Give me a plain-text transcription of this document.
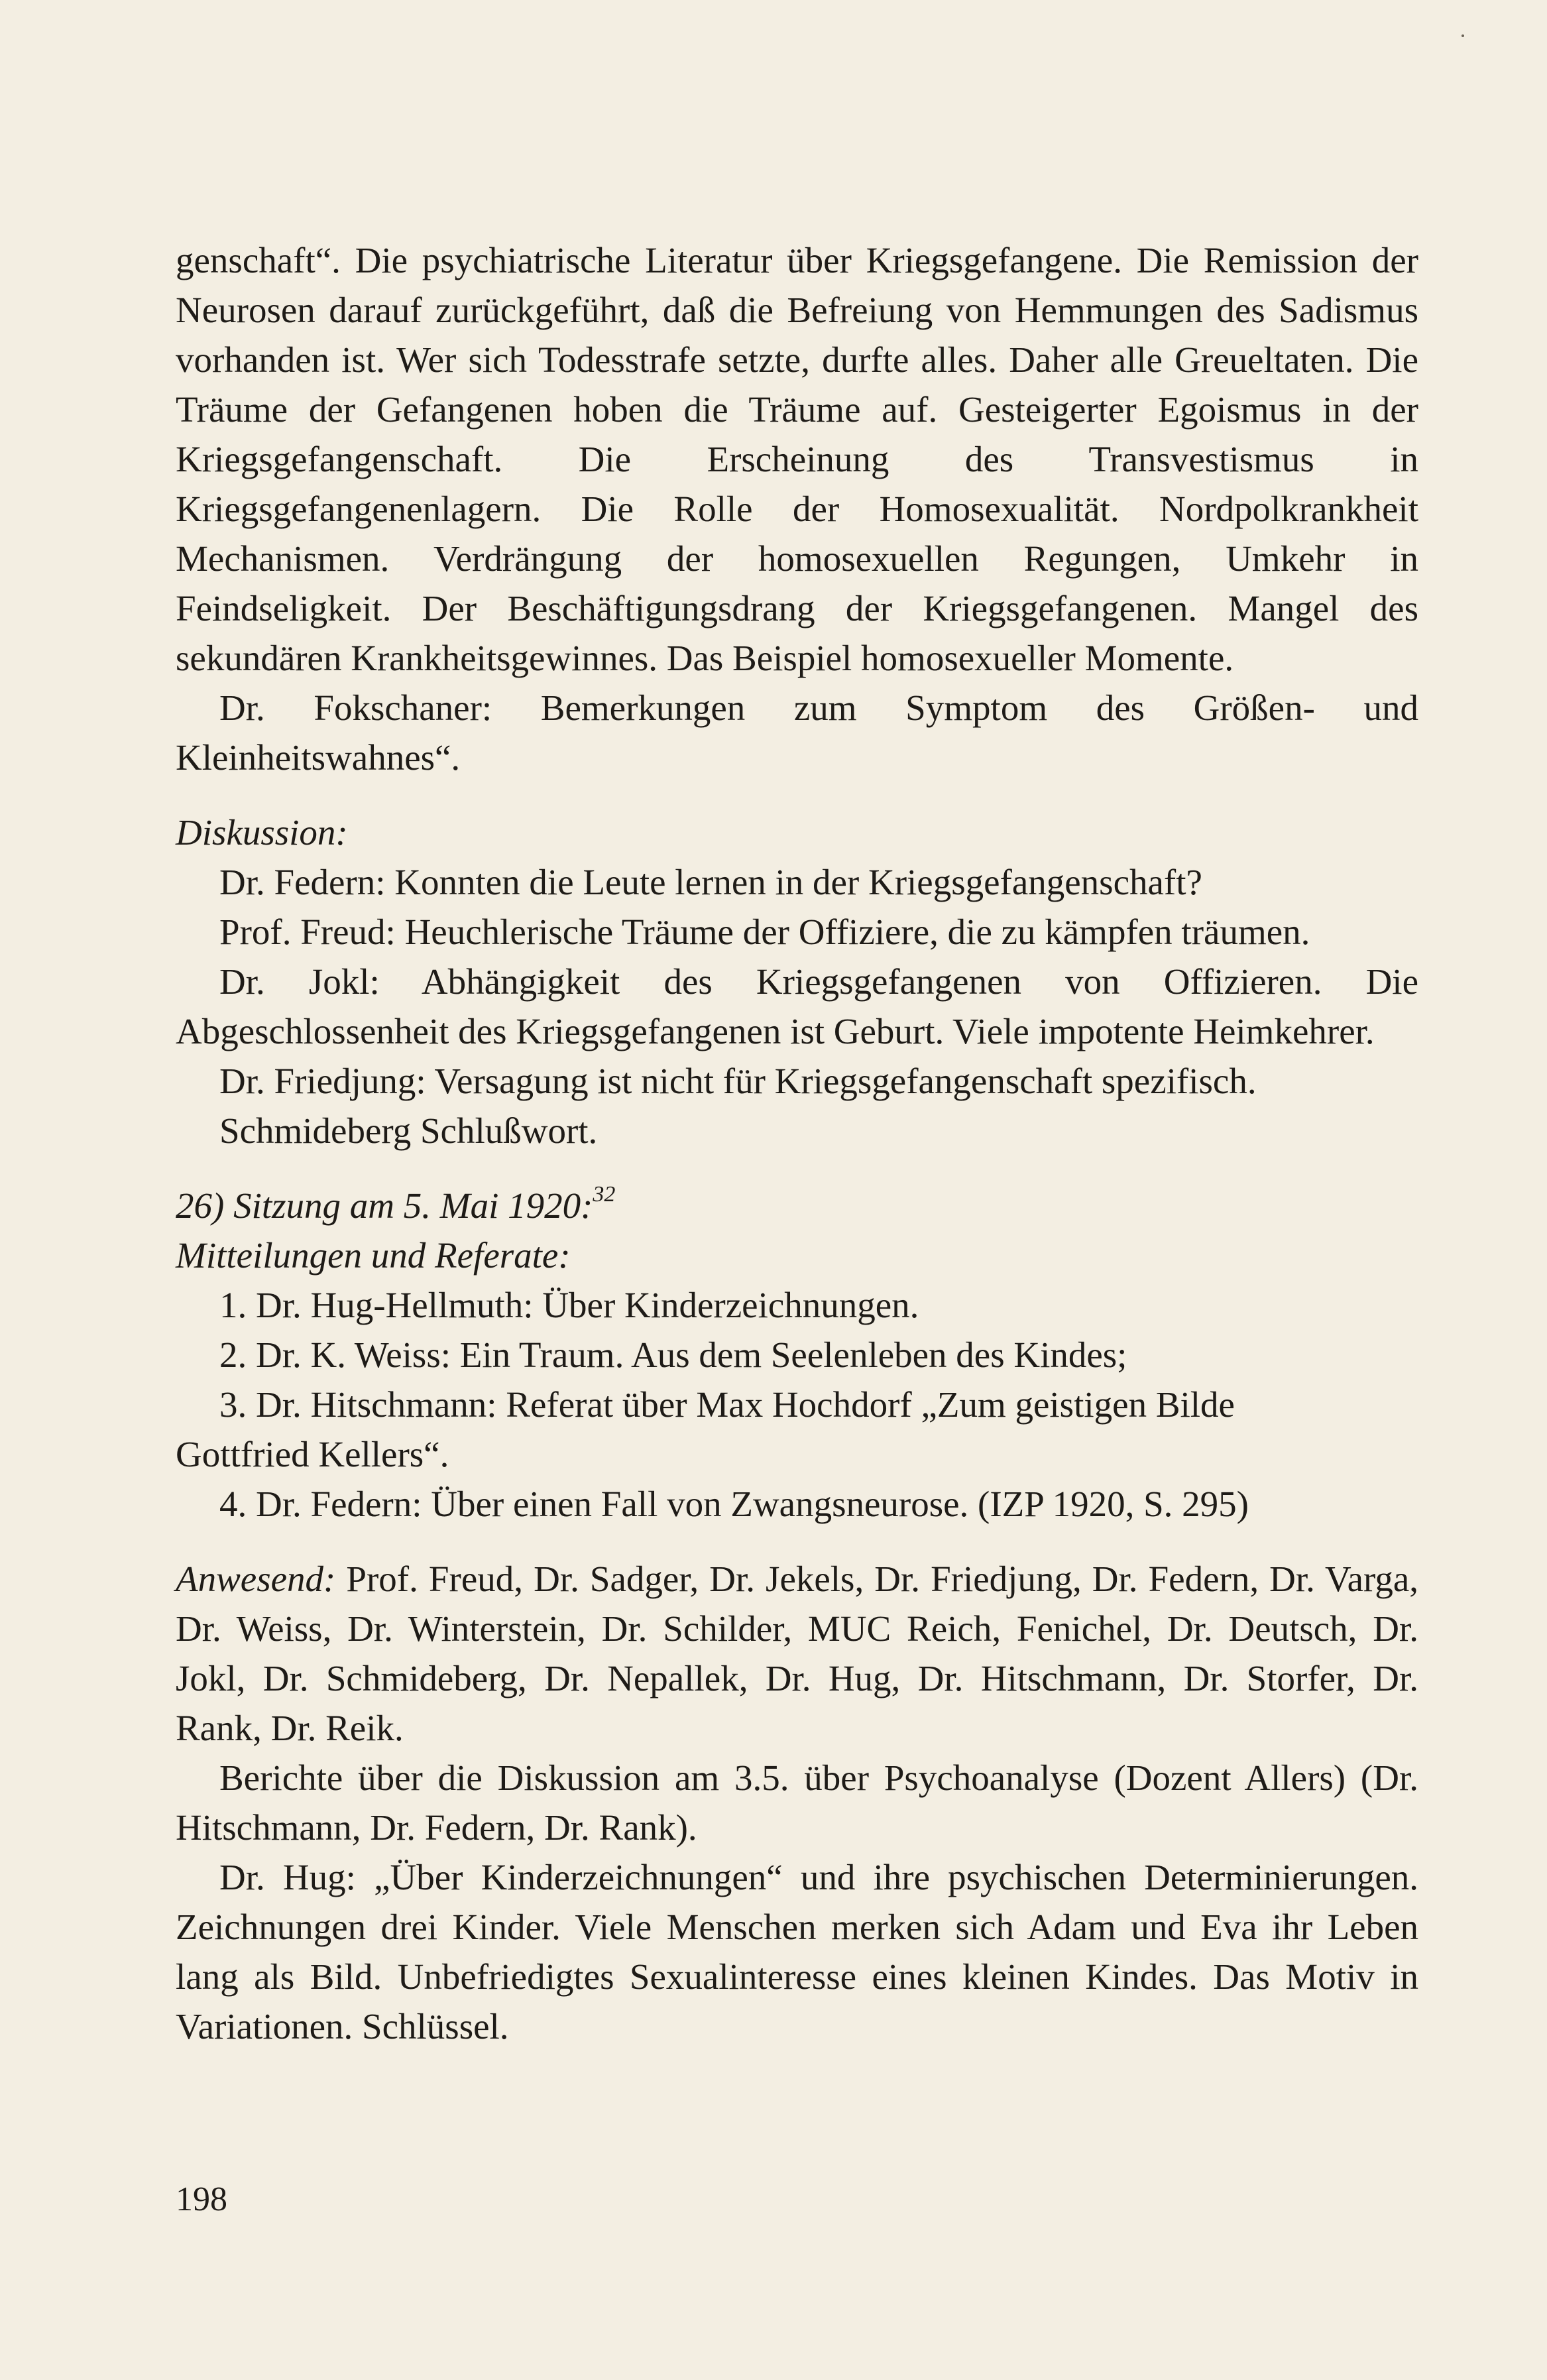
genschaft“. Die psychiatrische Literatur über Kriegsgefangene. Die Remission der Neurosen darauf zurückgeführt, daß die Befreiung von Hemmungen des Sadismus vorhanden ist. Wer sich Todesstrafe setzte, durfte alles. Daher alle Greueltaten. Die Träume der Gefangenen hoben die Träume auf. Gesteigerter Egoismus in der Kriegsgefangenschaft. Die Erscheinung des Transvestismus in Kriegsgefangenenlagern. Die Rolle der Homosexualität. Nordpolkrankheit Mechanismen. Verdrängung der homosexuellen Regungen, Umkehr in Feindseligkeit. Der Beschäftigungsdrang der Kriegsgefangenen. Mangel des sekundären Krankheitsgewinnes. Das Beispiel homosexueller Momente.

Dr. Fokschaner: Bemerkungen zum Symptom des Größen- und Kleinheitswahnes“.

Diskussion:

Dr. Federn: Konnten die Leute lernen in der Kriegsgefangenschaft?

Prof. Freud: Heuchlerische Träume der Offiziere, die zu kämpfen träumen.

Dr. Jokl: Abhängigkeit des Kriegsgefangenen von Offizieren. Die Abgeschlossenheit des Kriegsgefangenen ist Geburt. Viele impotente Heimkehrer.

Dr. Friedjung: Versagung ist nicht für Kriegsgefangenschaft spezifisch.

Schmideberg Schlußwort.

26) Sitzung am 5. Mai 1920:$^{32}$

Mitteilungen und Referate:

1. Dr. Hug-Hellmuth: Über Kinderzeichnungen.

2. Dr. K. Weiss: Ein Traum. Aus dem Seelenleben des Kindes;

3. Dr. Hitschmann: Referat über Max Hochdorf „Zum geistigen Bilde

Gottfried Kellers“.

4. Dr. Federn: Über einen Fall von Zwangsneurose. (IZP 1920, S. 295)

Anwesend: Prof. Freud, Dr. Sadger, Dr. Jekels, Dr. Friedjung, Dr. Federn, Dr. Varga, Dr. Weiss, Dr. Winterstein, Dr. Schilder, MUC Reich, Fenichel, Dr. Deutsch, Dr. Jokl, Dr. Schmideberg, Dr. Nepallek, Dr. Hug, Dr. Hitschmann, Dr. Storfer, Dr. Rank, Dr. Reik.

Berichte über die Diskussion am 3.5. über Psychoanalyse (Dozent Allers) (Dr. Hitschmann, Dr. Federn, Dr. Rank).

Dr. Hug: „Über Kinderzeichnungen“ und ihre psychischen Determinierungen. Zeichnungen drei Kinder. Viele Menschen merken sich Adam und Eva ihr Leben lang als Bild. Unbefriedigtes Sexualinteresse eines kleinen Kindes. Das Motiv in Variationen. Schlüssel.

198
